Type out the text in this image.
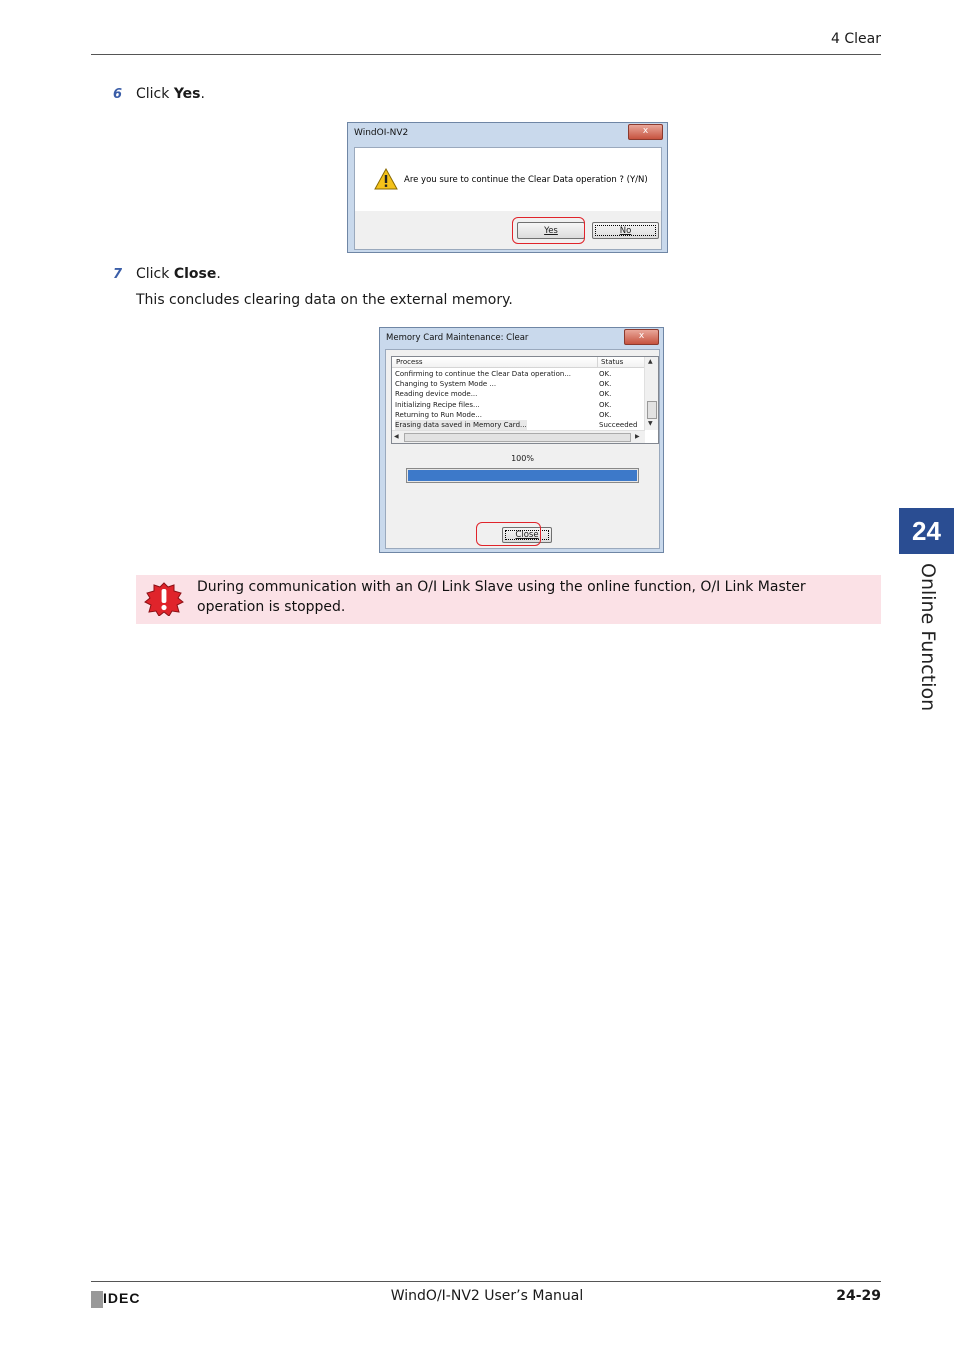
4 Clear
6 Click Yes.
WindOI-NV2	x
Are you sure to continue the Clear Data operation ? (Y/N)
Yes	No
7 Click Close.
This concludes clearing data on the external memory.
Memory Card Maintenance: Clear	x
Process	Status
Confirming to continue the Clear Data operation...	OK.
Changing to System Mode ...	OK.
Reading device mode...	OK.
Initializing Recipe files...	OK.
Returning to Run Mode...	OK.
Erasing data saved in Memory Card...	Succeeded
▲
▼
◀	▶
100%
Close
During communication with an O/I Link Slave using the online function, O/I Link Master operation is stopped.
24
Online Function
IDEC	WindO/I-NV2 User’s Manual	24-29
